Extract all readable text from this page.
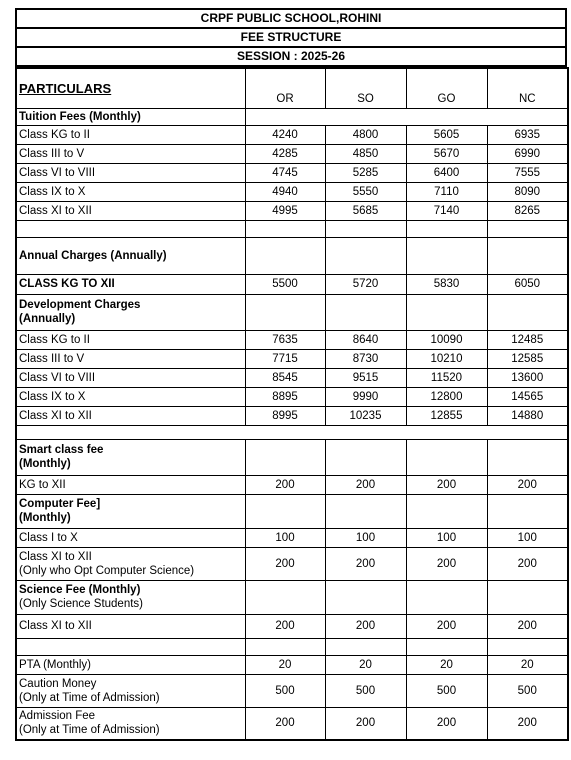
CRPF PUBLIC SCHOOL,ROHINI
FEE STRUCTURE
SESSION : 2025-26
PARTICULARS	OR	SO	GO	NC
Tuition Fees (Monthly)				
Class KG to II	4240	4800	5605	6935
Class III to V	4285	4850	5670	6990
Class VI to VIII	4745	5285	6400	7555
Class IX to X	4940	5550	7110	8090
Class XI to XII	4995	5685	7140	8265

Annual Charges (Annually)				
CLASS KG TO XII	5500	5720	5830	6050
Development Charges
(Annually)				
Class KG to II	7635	8640	10090	12485
Class III to V	7715	8730	10210	12585
Class VI to VIII	8545	9515	11520	13600
Class IX to X	8895	9990	12800	14565
Class XI to XII	8995	10235	12855	14880

Smart class fee
(Monthly)				
KG to XII	200	200	200	200
Computer Fee]
(Monthly)				
Class I to X	100	100	100	100
Class XI to XII
(Only who Opt Computer Science)	200	200	200	200
Science Fee (Monthly)
(Only Science Students)				
Class XI to XII	200	200	200	200

PTA (Monthly)	20	20	20	20
Caution Money
(Only at Time of Admission)	500	500	500	500
Admission Fee
(Only at Time of Admission)	200	200	200	200
